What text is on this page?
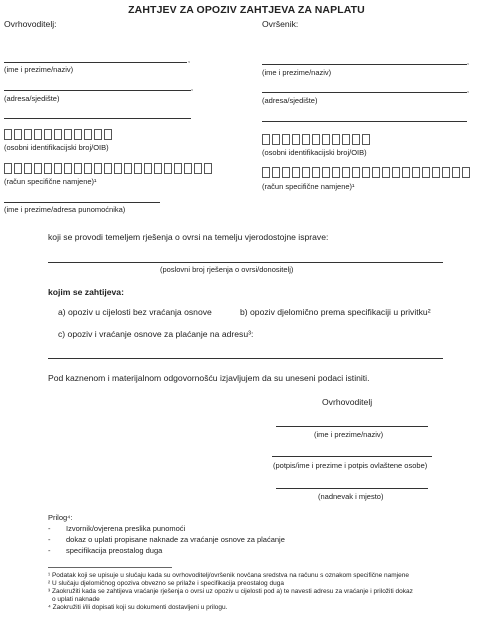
ZAHTJEV ZA OPOZIV ZAHTJEVA ZA NAPLATU
Ovrhovoditelj:
,
(ime i prezime/naziv)
,
(adresa/sjedište)
(osobni identifikacijski broj/OIB)
(račun specifične namjene)¹
(ime i prezime/adresa punomoćnika)
Ovršenik:
,
(ime i prezime/naziv)
,
(adresa/sjedište)
(osobni identifikacijski broj/OIB)
(račun specifične namjene)¹
koji se provodi temeljem rješenja o ovrsi na temelju vjerodostojne isprave:
(poslovni broj rješenja o ovrsi/donositelj)
kojim se zahtijeva:
a) opoziv u cijelosti bez vraćanja osnove	b) opoziv djelomično prema specifikaciji u privitku²
c) opoziv i vraćanje osnove za plaćanje na adresu³:
Pod kaznenom i materijalnom odgovornošću izjavljujem da su uneseni podaci istiniti.
Ovrhovoditelj
(ime i prezime/naziv)
(potpis/ime i prezime i potpis ovlaštene osobe)
(nadnevak i mjesto)
Prilog⁴:
- Izvornik/ovjerena preslika punomoći
- dokaz o uplati propisane naknade za vraćanje osnove za plaćanje
- specifikacija preostalog duga
¹ Podatak koji se upisuje u slučaju kada su ovrhovoditelj/ovršenik novčana sredstva na računu s oznakom specifične namjene
² U slučaju djelomičnog opoziva obvezno se prilaže i specifikacija preostalog duga
³ Zaokružiti kada se zahtijeva vraćanje rješenja o ovrsi uz opoziv u cijelosti pod a) te navesti adresu za vraćanje i priložiti dokaz
o uplati naknade
⁴ Zaokružiti i/ili dopisati koji su dokumenti dostavljeni u prilogu.
